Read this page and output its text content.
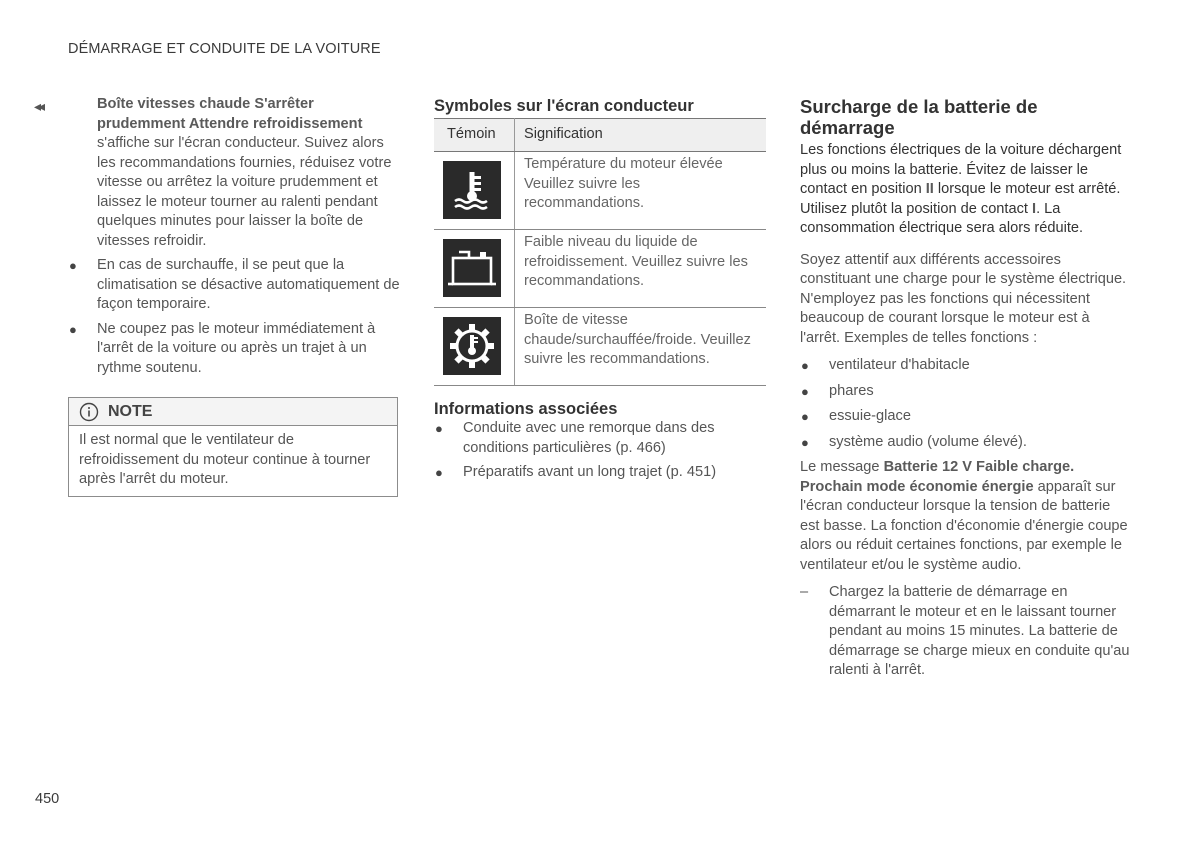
DÉMARRAGE ET CONDUITE DE LA VOITURE
◂◂	Boîte vitesses chaude S'arrêter prudemment Attendre refroidissement s'affiche sur l'écran conducteur. Suivez alors les recommandations fournies, réduisez votre vitesse ou arrêtez la voiture prudemment et laissez le moteur tourner au ralenti pendant quelques minutes pour laisser la boîte de vitesses refroidir.
● En cas de surchauffe, il se peut que la climatisation se désactive automatiquement de façon temporaire.
● Ne coupez pas le moteur immédiatement à l'arrêt de la voiture ou après un trajet à un rythme soutenu.
NOTE
Il est normal que le ventilateur de refroidissement du moteur continue à tourner après l'arrêt du moteur.
Symboles sur l'écran conducteur
Témoin	Signification

	Température du moteur élevée Veuillez suivre les recommandations.

	Faible niveau du liquide de refroidissement. Veuillez suivre les recommandations.

	Boîte de vitesse chaude/surchauffée/froide. Veuillez suivre les recommandations.
Informations associées
● Conduite avec une remorque dans des conditions particulières (p. 466)
● Préparatifs avant un long trajet (p. 451)
Surcharge de la batterie de démarrage

Les fonctions électriques de la voiture déchargent plus ou moins la batterie. Évitez de laisser le contact en position II lorsque le moteur est arrêté. Utilisez plutôt la position de contact I. La consommation électrique sera alors réduite.

Soyez attentif aux différents accessoires constituant une charge pour le système électrique. N'employez pas les fonctions qui nécessitent beaucoup de courant lorsque le moteur est à l'arrêt. Exemples de telles fonctions :

● ventilateur d'habitacle
● phares
● essuie-glace
● système audio (volume élevé).

Le message Batterie 12 V Faible charge. Prochain mode économie énergie apparaît sur l'écran conducteur lorsque la tension de batterie est basse. La fonction d'économie d'énergie coupe alors ou réduit certaines fonctions, par exemple le ventilateur et/ou le système audio.

– Chargez la batterie de démarrage en démarrant le moteur et en le laissant tourner pendant au moins 15 minutes. La batterie de démarrage se charge mieux en conduite qu'au ralenti à l'arrêt.
450
